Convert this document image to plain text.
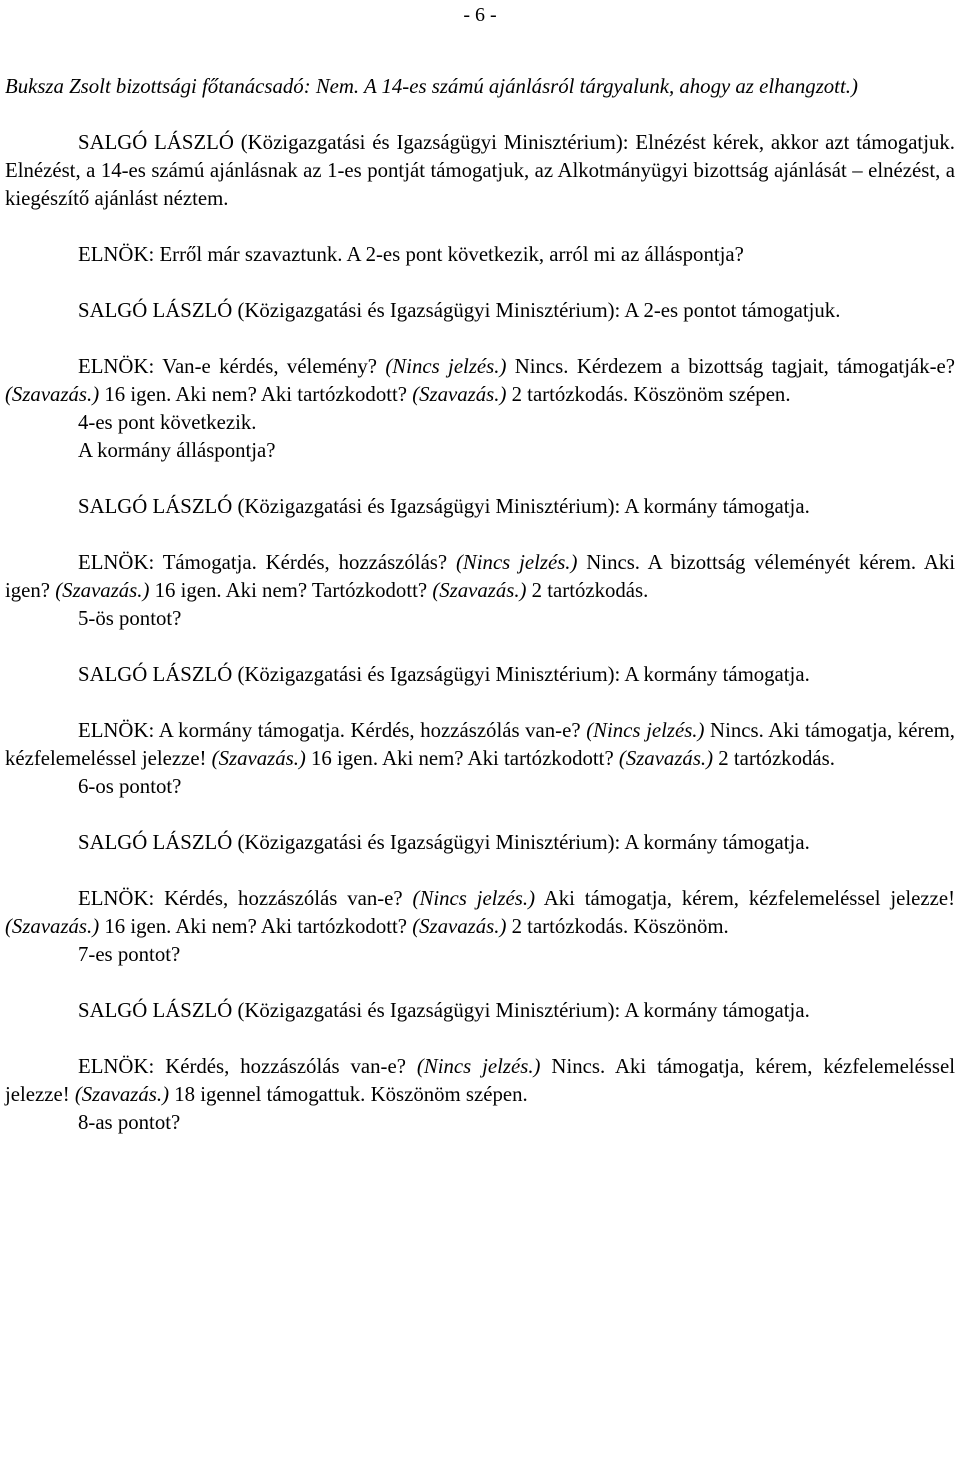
- 6 -

Buksza Zsolt bizottsági főtanácsadó: Nem. A 14-es számú ajánlásról tárgyalunk, ahogy az elhangzott.)

SALGÓ LÁSZLÓ (Közigazgatási és Igazságügyi Minisztérium): Elnézést kérek, akkor azt támogatjuk. Elnézést, a 14-es számú ajánlásnak az 1-es pontját támogatjuk, az Alkotmányügyi bizottság ajánlását – elnézést, a kiegészítő ajánlást néztem.

ELNÖK: Erről már szavaztunk. A 2-es pont következik, arról mi az álláspontja?

SALGÓ LÁSZLÓ (Közigazgatási és Igazságügyi Minisztérium): A 2-es pontot támogatjuk.

ELNÖK: Van-e kérdés, vélemény? (Nincs jelzés.) Nincs. Kérdezem a bizottság tagjait, támogatják-e? (Szavazás.) 16 igen. Aki nem? Aki tartózkodott? (Szavazás.) 2 tartózkodás. Köszönöm szépen.

4-es pont következik.

A kormány álláspontja?

SALGÓ LÁSZLÓ (Közigazgatási és Igazságügyi Minisztérium): A kormány támogatja.

ELNÖK: Támogatja. Kérdés, hozzászólás? (Nincs jelzés.) Nincs. A bizottság véleményét kérem. Aki igen? (Szavazás.) 16 igen. Aki nem? Tartózkodott? (Szavazás.) 2 tartózkodás.

5-ös pontot?

SALGÓ LÁSZLÓ (Közigazgatási és Igazságügyi Minisztérium): A kormány támogatja.

ELNÖK: A kormány támogatja. Kérdés, hozzászólás van-e? (Nincs jelzés.) Nincs. Aki támogatja, kérem, kézfelemeléssel jelezze! (Szavazás.) 16 igen. Aki nem? Aki tartózkodott? (Szavazás.) 2 tartózkodás.

6-os pontot?

SALGÓ LÁSZLÓ (Közigazgatási és Igazságügyi Minisztérium): A kormány támogatja.

ELNÖK: Kérdés, hozzászólás van-e? (Nincs jelzés.) Aki támogatja, kérem, kézfelemeléssel jelezze! (Szavazás.) 16 igen. Aki nem? Aki tartózkodott? (Szavazás.) 2 tartózkodás. Köszönöm.

7-es pontot?

SALGÓ LÁSZLÓ (Közigazgatási és Igazságügyi Minisztérium): A kormány támogatja.

ELNÖK: Kérdés, hozzászólás van-e? (Nincs jelzés.) Nincs. Aki támogatja, kérem, kézfelemeléssel jelezze! (Szavazás.) 18 igennel támogattuk. Köszönöm szépen.

8-as pontot?
